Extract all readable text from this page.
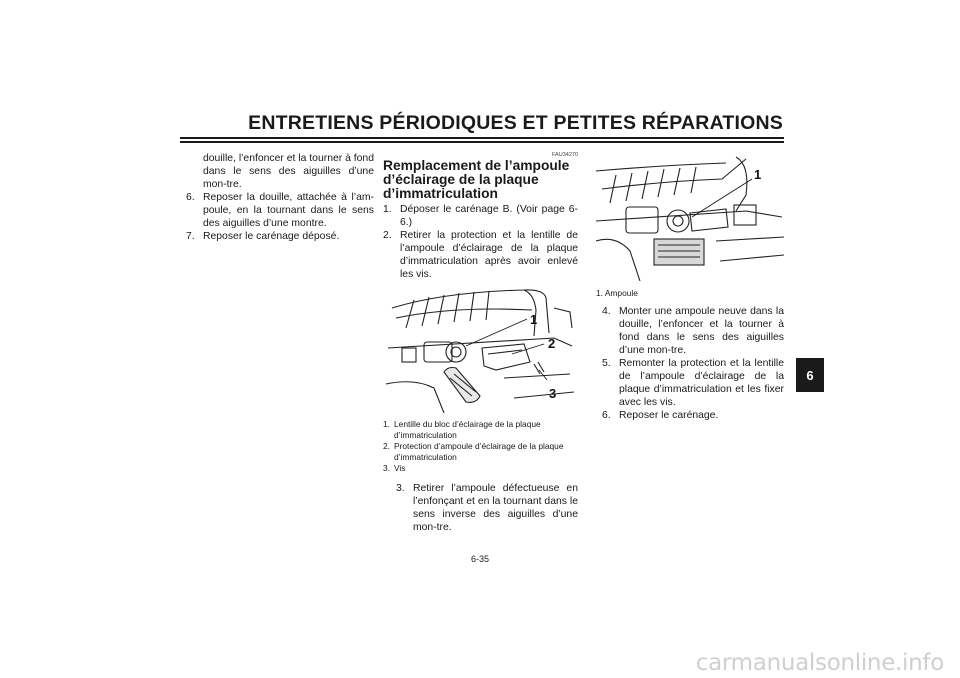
ENTRETIENS PÉRIODIQUES ET PETITES RÉPARATIONS
6
douille, l’enfoncer et la tourner à fond dans le sens des aiguilles d’une mon-tre.
6. Reposer la douille, attachée à l’am-poule, en la tournant dans le sens des aiguilles d’une montre.
7. Reposer le carénage déposé.
FAU34270
Remplacement de l’ampoule d’éclairage de la plaque d’immatriculation
1. Déposer le carénage B. (Voir page 6-6.)
2. Retirer la protection et la lentille de l’ampoule d’éclairage de la plaque d’immatriculation après avoir enlevé les vis.
1. Lentille du bloc d’éclairage de la plaque d’immatriculation
2. Protection d’ampoule d’éclairage de la plaque d’immatriculation
3. Vis
3. Retirer l’ampoule défectueuse en l’enfonçant et en la tournant dans le sens inverse des aiguilles d’une mon-tre.
1
2
3
1
1. Ampoule
4. Monter une ampoule neuve dans la douille, l’enfoncer et la tourner à fond dans le sens des aiguilles d’une mon-tre.
5. Remonter la protection et la lentille de l’ampoule d’éclairage de la plaque d’immatriculation et les fixer avec les vis.
6. Reposer le carénage.
6-35
carmanualsonline.info
